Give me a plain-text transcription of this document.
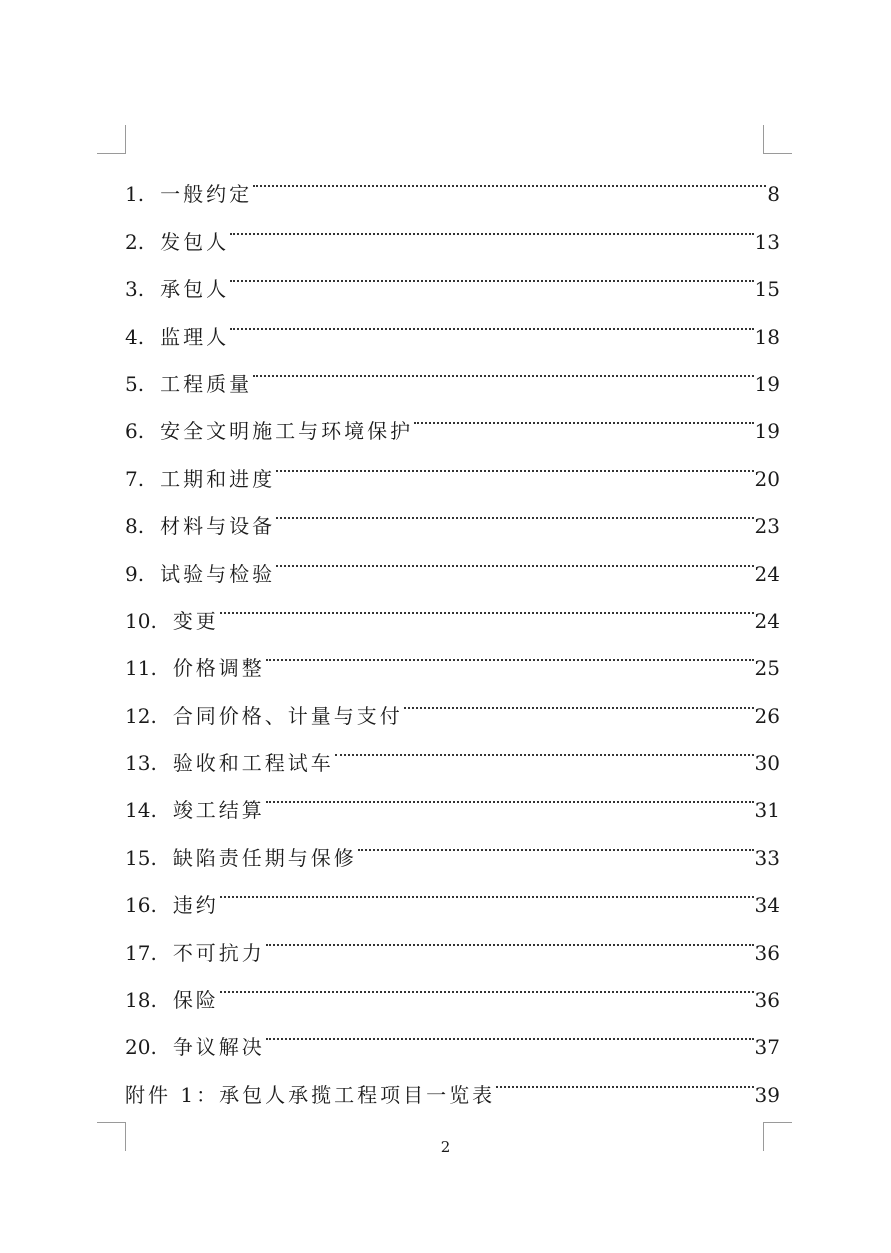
1. 一般约定	8
2. 发包人	13
3. 承包人	15
4. 监理人	18
5. 工程质量	19
6. 安全文明施工与环境保护	19
7. 工期和进度	20
8. 材料与设备	23
9. 试验与检验	24
10. 变更	24
11. 价格调整	25
12. 合同价格、计量与支付	26
13. 验收和工程试车	30
14. 竣工结算	31
15. 缺陷责任期与保修	33
16. 违约	34
17. 不可抗力	36
18. 保险	36
20. 争议解决	37
附件 1：承包人承揽工程项目一览表	39
2
